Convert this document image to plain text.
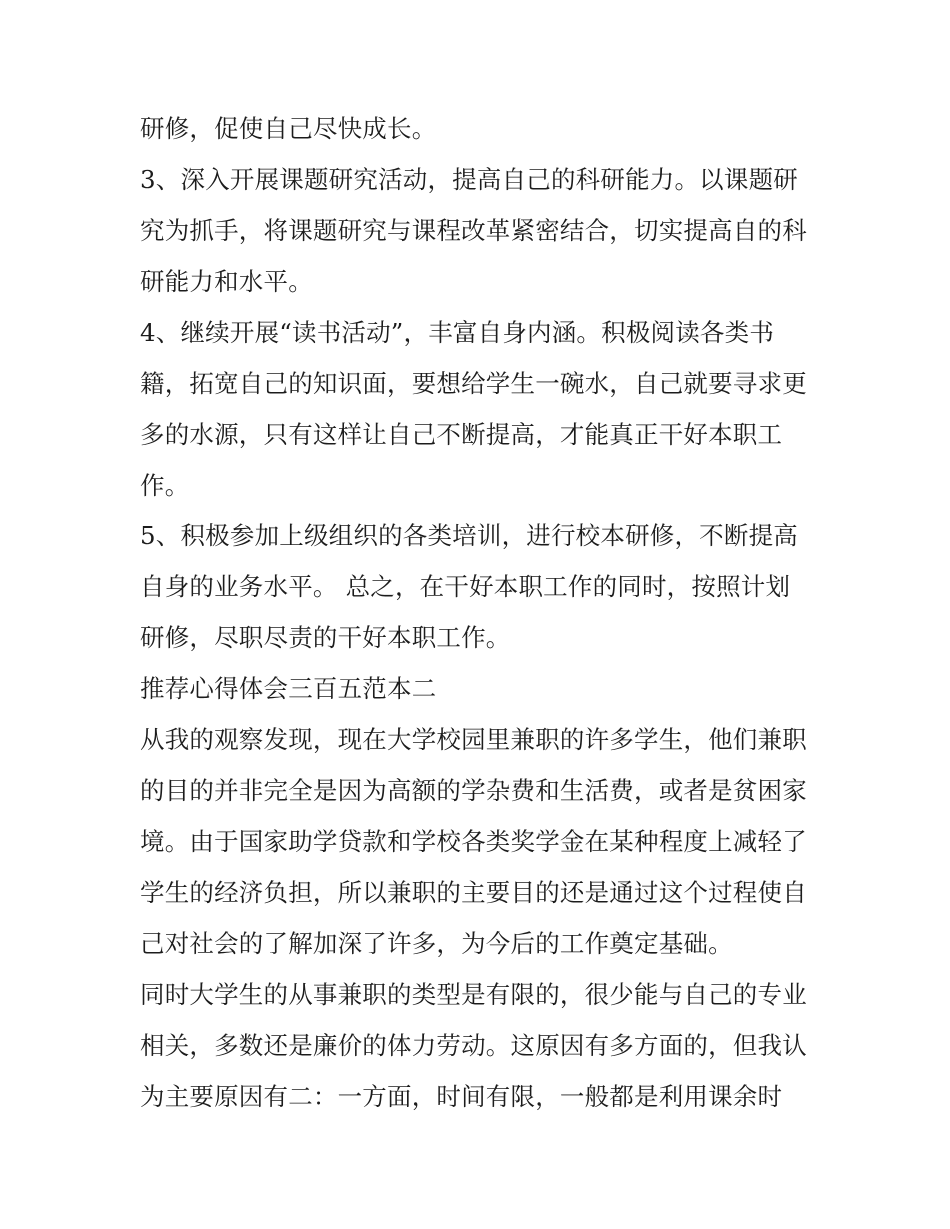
研修，促使自己尽快成长。
3、深入开展课题研究活动，提高自己的科研能力。以课题研
究为抓手，将课题研究与课程改革紧密结合，切实提高自的科
研能力和水平。
4、继续开展“读书活动”，丰富自身内涵。积极阅读各类书
籍，拓宽自己的知识面，要想给学生一碗水，自己就要寻求更
多的水源，只有这样让自己不断提高，才能真正干好本职工
作。
5、积极参加上级组织的各类培训，进行校本研修，不断提高
自身的业务水平。 总之，在干好本职工作的同时，按照计划
研修，尽职尽责的干好本职工作。
推荐心得体会三百五范本二
从我的观察发现，现在大学校园里兼职的许多学生，他们兼职
的目的并非完全是因为高额的学杂费和生活费，或者是贫困家
境。由于国家助学贷款和学校各类奖学金在某种程度上减轻了
学生的经济负担，所以兼职的主要目的还是通过这个过程使自
己对社会的了解加深了许多，为今后的工作奠定基础。
同时大学生的从事兼职的类型是有限的，很少能与自己的专业
相关，多数还是廉价的体力劳动。这原因有多方面的，但我认
为主要原因有二：一方面，时间有限，一般都是利用课余时
